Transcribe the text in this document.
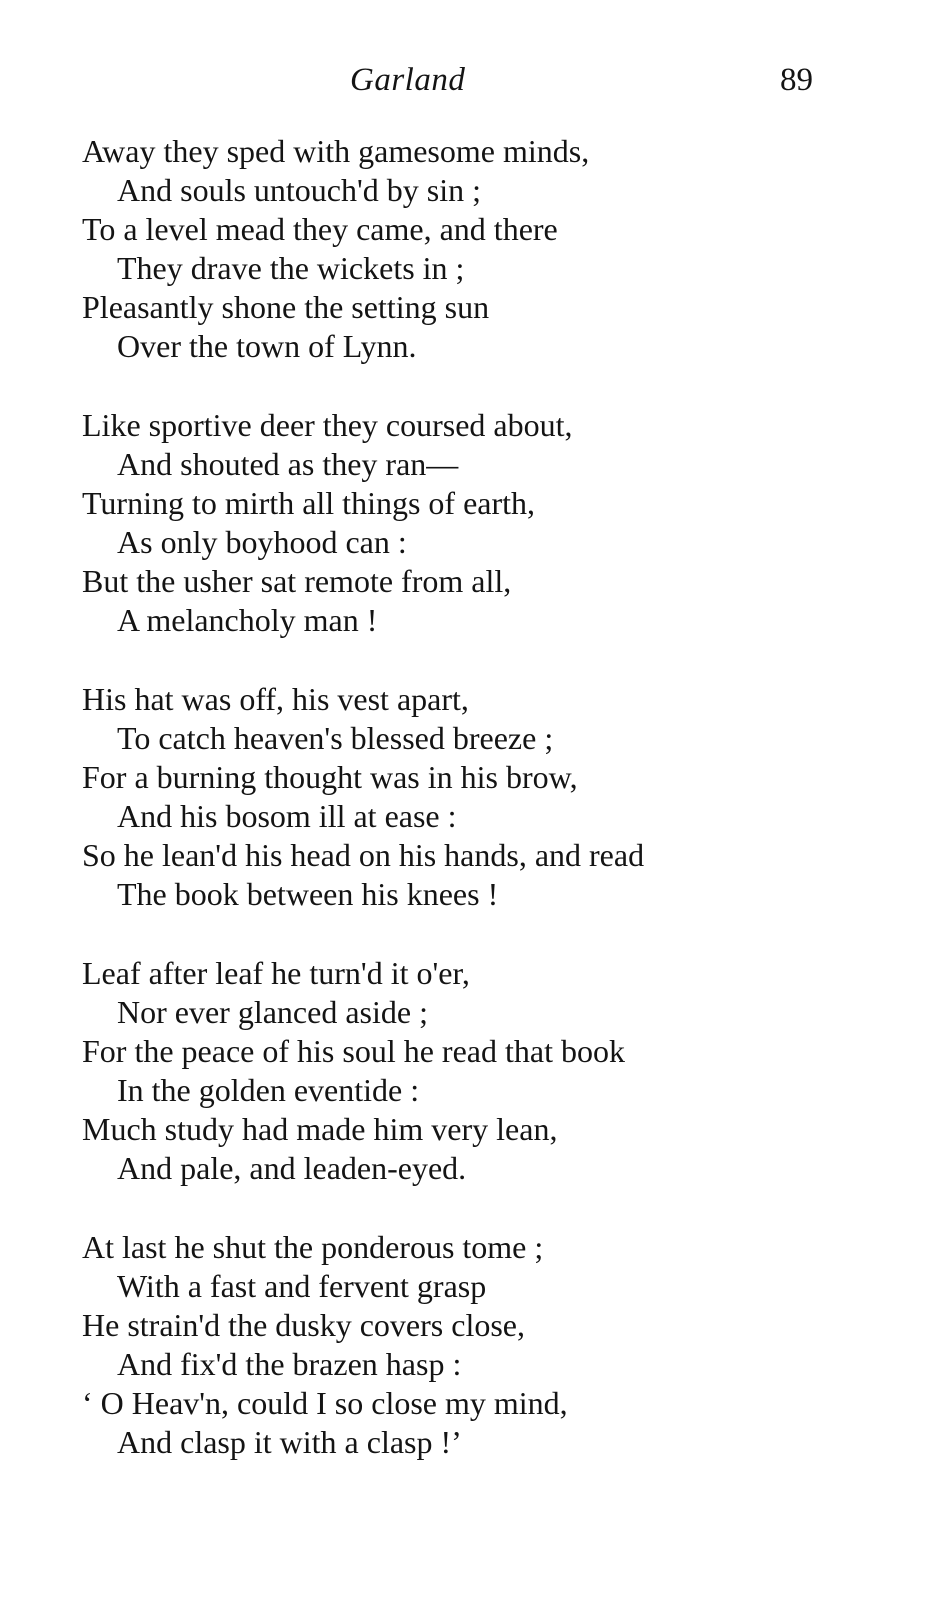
Garland	89
Away they sped with gamesome minds,
And souls untouch'd by sin ;
To a level mead they came, and there
They drave the wickets in ;
Pleasantly shone the setting sun
Over the town of Lynn.
Like sportive deer they coursed about,
And shouted as they ran—
Turning to mirth all things of earth,
As only boyhood can :
But the usher sat remote from all,
A melancholy man !
His hat was off, his vest apart,
To catch heaven's blessed breeze ;
For a burning thought was in his brow,
And his bosom ill at ease :
So he lean'd his head on his hands, and read
The book between his knees !
Leaf after leaf he turn'd it o'er,
Nor ever glanced aside ;
For the peace of his soul he read that book
In the golden eventide :
Much study had made him very lean,
And pale, and leaden-eyed.
At last he shut the ponderous tome ;
With a fast and fervent grasp
He strain'd the dusky covers close,
And fix'd the brazen hasp :
‘ O Heav'n, could I so close my mind,
And clasp it with a clasp !’
